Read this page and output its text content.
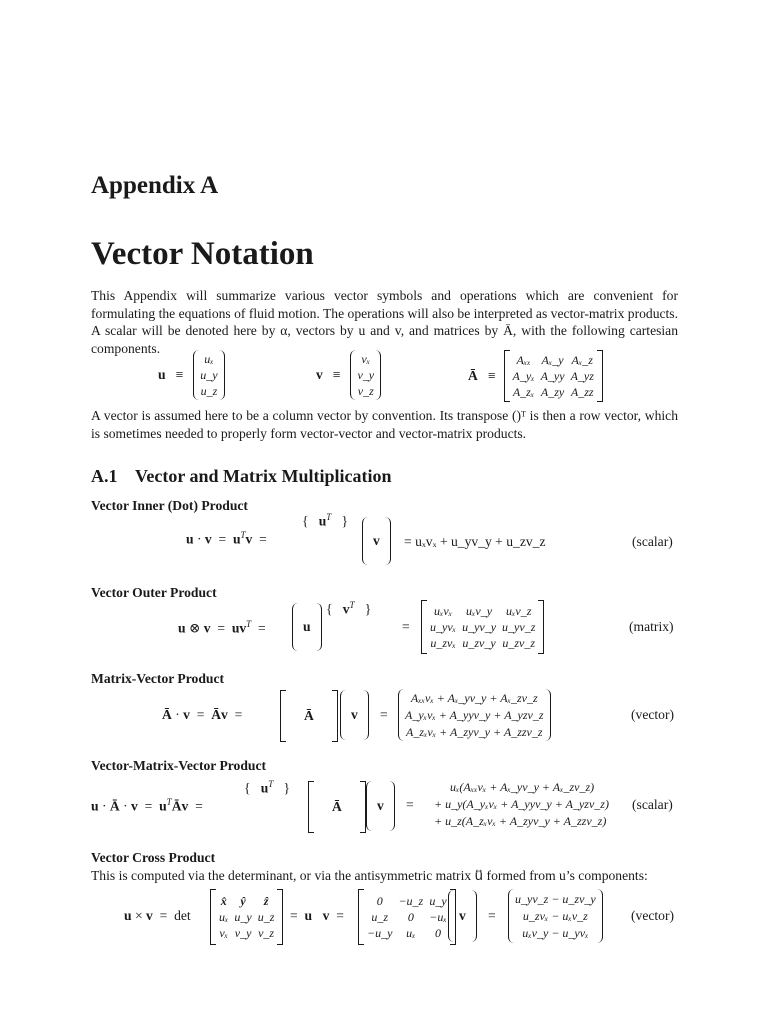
Appendix A
Vector Notation
This Appendix will summarize various vector symbols and operations which are convenient for formulating the equations of fluid motion. The operations will also be interpreted as vector-matrix products. A scalar will be denoted here by α, vectors by u and v, and matrices by Ā, with the following cartesian components.
u ≡
uₓ
u_y
u_z
v ≡
vₓ
v_y
v_z
Ā ≡
Aₓₓ	Aₓ_y	Aₓ_z
A_yₓ	A_yy	A_yz
A_zₓ	A_zy	A_zz
A vector is assumed here to be a column vector by convention. Its transpose ()ᵀ is then a row vector, which is sometimes needed to properly form vector-vector and vector-matrix products.
A.1 Vector and Matrix Multiplication
Vector Inner (Dot) Product
$u \cdot v = u^Tv$  =
{   $u^T$   }
v = uₓvₓ + u_yv_y + u_zv_z	(scalar)
Vector Outer Product
u ⊗ $v = uv^T$  =	u
{   $v^T$   }
=
uₓvₓ	uₓv_y	uₓv_z
u_yvₓ	u_yv_y	u_yv_z
u_zvₓ	u_zv_y	u_zv_z
(matrix)
Matrix-Vector Product
Ā · v  =  Āv  =	Ā	v =
Aₓₓvₓ + Aₓ_yv_y + Aₓ_zv_z
A_yₓvₓ + A_yyv_y + A_yzv_z
A_zₓvₓ + A_zyv_y + A_zzv_z
(vector)
Vector-Matrix-Vector Product
u · Ā · $v = u^TĀv$  =
{   $u^T$   }
Ā	v =
uₓ(Aₓₓvₓ + Aₓ_yv_y + Aₓ_zv_z)
+ u_y(A_yₓvₓ + A_yyv_y + A_yzv_z)
+ u_z(A_zₓvₓ + A_zyv_y + A_zzv_z)
(scalar)
Vector Cross Product
This is computed via the determinant, or via the antisymmetric matrix u⃡ formed from u’s components:
u × v  =  det
x̂	ŷ	ẑ
uₓ	u_y	u_z
vₓ	v_y	v_z
=  u⃡v  =
0	−u_z	u_y
u_z	0	−uₓ
−u_y	uₓ	0
v =
u_yv_z − u_zv_y
u_zvₓ − uₓv_z
uₓv_y − u_yvₓ
(vector)
